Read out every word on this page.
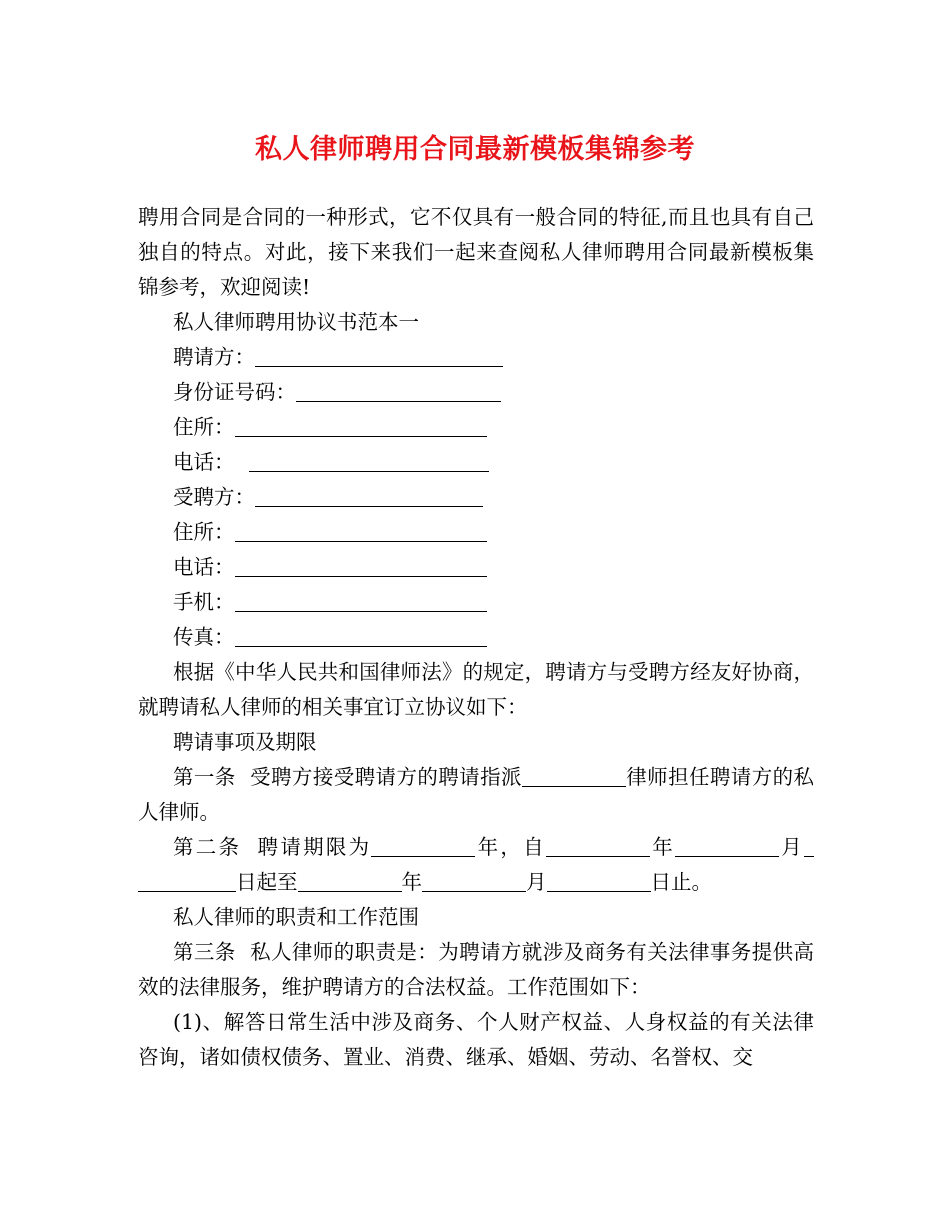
私人律师聘用合同最新模板集锦参考

聘用合同是合同的一种形式，它不仅具有一般合同的特征,而且也具有自己独自的特点。对此，接下来我们一起来查阅私人律师聘用合同最新模板集锦参考，欢迎阅读!

私人律师聘用协议书范本一

聘请方：

身份证号码：

住所：

电话：

受聘方：

住所：

电话：

手机：

传真：

根据《中华人民共和国律师法》的规定，聘请方与受聘方经友好协商，就聘请私人律师的相关事宜订立协议如下：

聘请事项及期限

第一条 受聘方接受聘请方的聘请指派	律师担任聘请方的私人律师。

第二条 聘请期限为	年，自	年	月 日起至	年	月	日止。

私人律师的职责和工作范围

第三条 私人律师的职责是：为聘请方就涉及商务有关法律事务提供高效的法律服务，维护聘请方的合法权益。工作范围如下：

(1)、解答日常生活中涉及商务、个人财产权益、人身权益的有关法律咨询，诸如债权债务、置业、消费、继承、婚姻、劳动、名誉权、交
